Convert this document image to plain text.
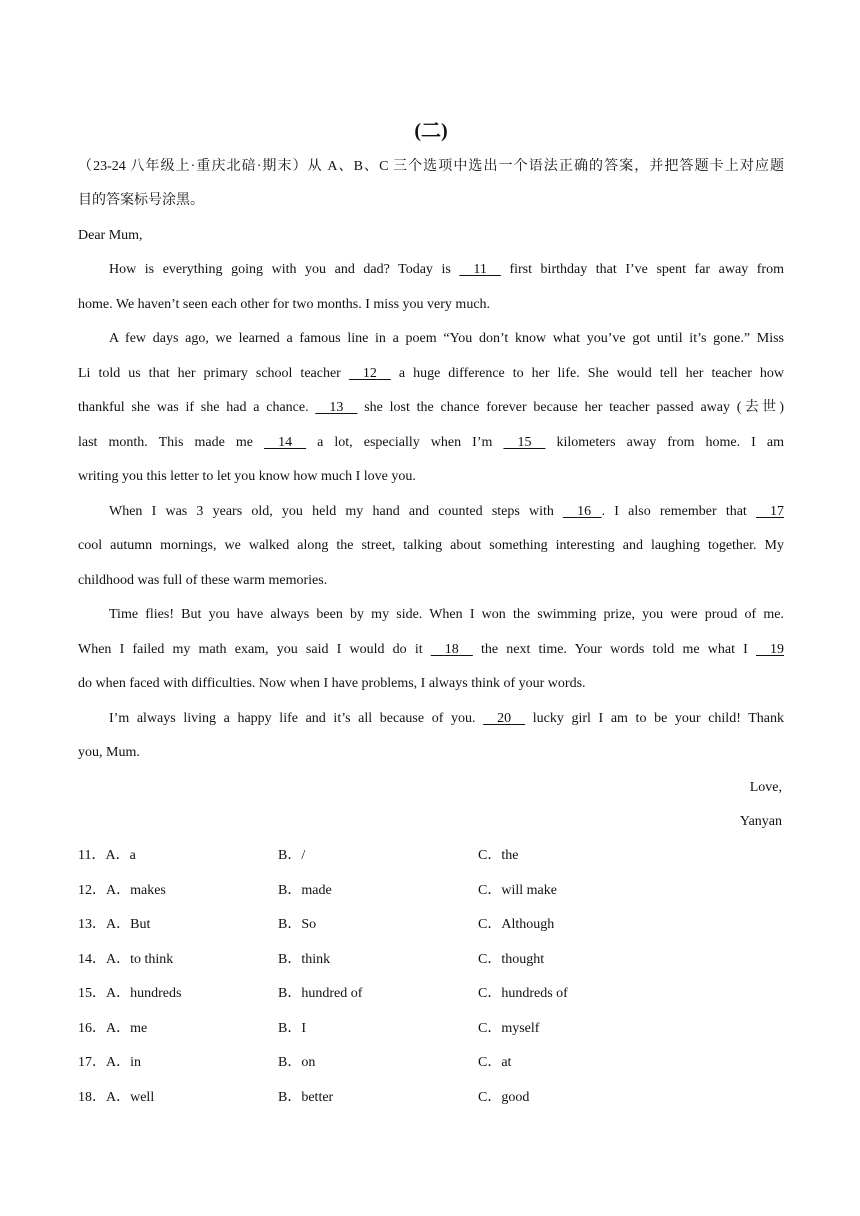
(二)
（23-24 八年级上·重庆北碚·期末）从 A、B、C 三个选项中选出一个语法正确的答案，并把答题卡上对应题
目的答案标号涂黑。
Dear Mum,
How is everything going with you and dad? Today is     11     first birthday that I’ve spent far away from
home. We haven’t seen each other for two months. I miss you very much.
A few days ago, we learned a famous line in a poem “You don’t know what you’ve got until it’s gone.” Miss
Li told us that her primary school teacher     12     a huge difference to her life. She would tell her teacher how
thankful she was if she had a chance.     13     she lost the chance forever because her teacher passed away (去世)
last month. This made me     14     a lot, especially when I’m     15     kilometers away from home. I am
writing you this letter to let you know how much I love you.
When I was 3 years old, you held my hand and counted steps with     16 . I also remember that     17
cool autumn mornings, we walked along the street, talking about something interesting and laughing together. My
childhood was full of these warm memories.
Time flies! But you have always been by my side. When I won the swimming prize, you were proud of me.
When I failed my math exam, you said I would do it     18     the next time. Your words told me what I     19
do when faced with difficulties. Now when I have problems, I always think of your words.
I’m always living a happy life and it’s all because of you.     20     lucky girl I am to be your child! Thank
you, Mum.
Love,
Yanyan
11．A．a	B．/	C．the
12．A．makes	B．made	C．will make
13．A．But	B．So	C．Although
14．A．to think	B．think	C．thought
15．A．hundreds	B．hundred of	C．hundreds of
16．A．me	B．I	C．myself
17．A．in	B．on	C．at
18．A．well	B．better	C．good
